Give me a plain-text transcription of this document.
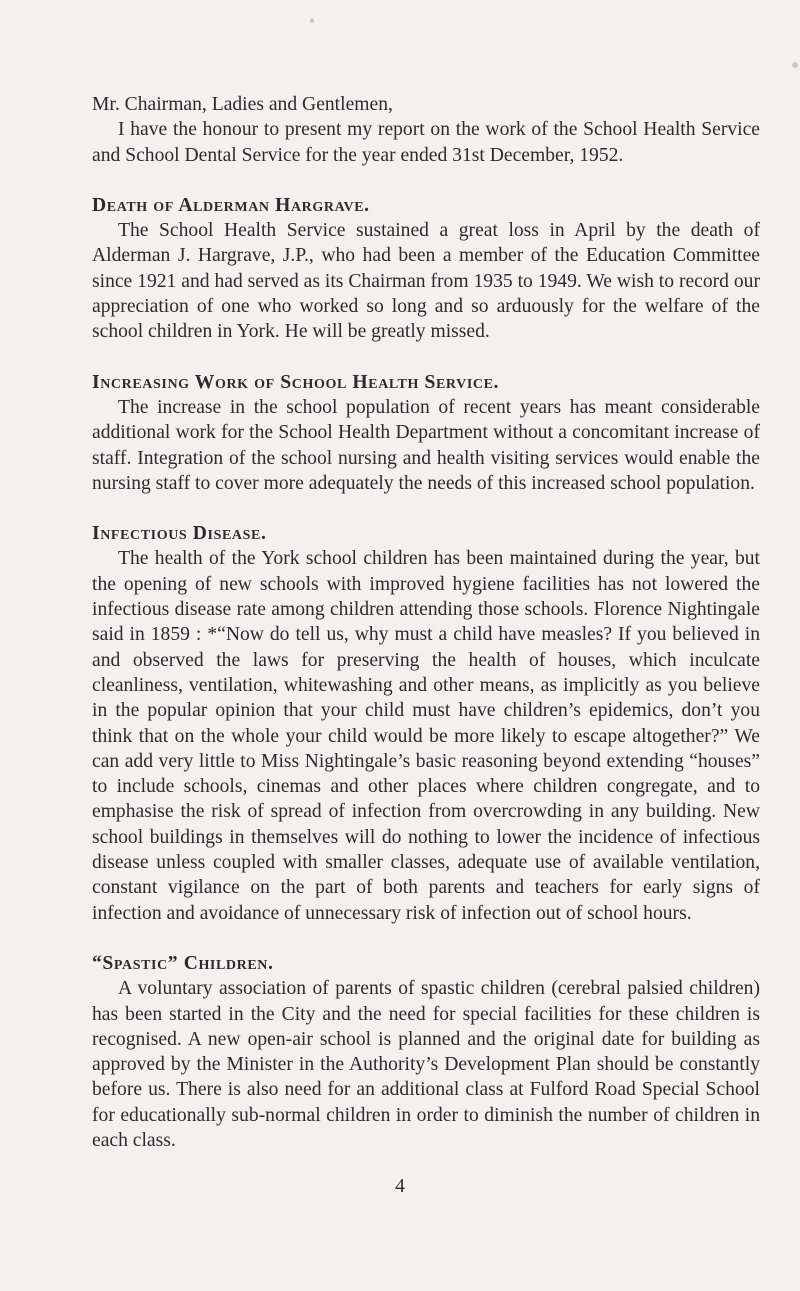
Mr. Chairman, Ladies and Gentlemen,

I have the honour to present my report on the work of the School Health Service and School Dental Service for the year ended 31st December, 1952.

Death of Alderman Hargrave.

The School Health Service sustained a great loss in April by the death of Alderman J. Hargrave, J.P., who had been a member of the Education Committee since 1921 and had served as its Chairman from 1935 to 1949. We wish to record our appreciation of one who worked so long and so arduously for the welfare of the school children in York. He will be greatly missed.

Increasing Work of School Health Service.

The increase in the school population of recent years has meant considerable additional work for the School Health Department without a concomitant increase of staff. Integration of the school nursing and health visiting services would enable the nursing staff to cover more adequately the needs of this increased school population.

Infectious Disease.

The health of the York school children has been maintained during the year, but the opening of new schools with improved hygiene facilities has not lowered the infectious disease rate among children attending those schools. Florence Nightingale said in 1859 : *“Now do tell us, why must a child have measles? If you believed in and observed the laws for preserving the health of houses, which inculcate cleanliness, ventilation, whitewashing and other means, as implicitly as you believe in the popular opinion that your child must have children’s epidemics, don’t you think that on the whole your child would be more likely to escape altogether?” We can add very little to Miss Nightingale’s basic reasoning beyond extending “houses” to include schools, cinemas and other places where children congregate, and to emphasise the risk of spread of infection from overcrowding in any building. New school buildings in themselves will do nothing to lower the incidence of infectious disease unless coupled with smaller classes, adequate use of available ventilation, constant vigilance on the part of both parents and teachers for early signs of infection and avoidance of unnecessary risk of infection out of school hours.

“Spastic” Children.

A voluntary association of parents of spastic children (cerebral palsied children) has been started in the City and the need for special facilities for these children is recognised. A new open-air school is planned and the original date for building as approved by the Minister in the Authority’s Development Plan should be constantly before us. There is also need for an additional class at Fulford Road Special School for educationally sub-normal children in order to diminish the number of children in each class.

4
